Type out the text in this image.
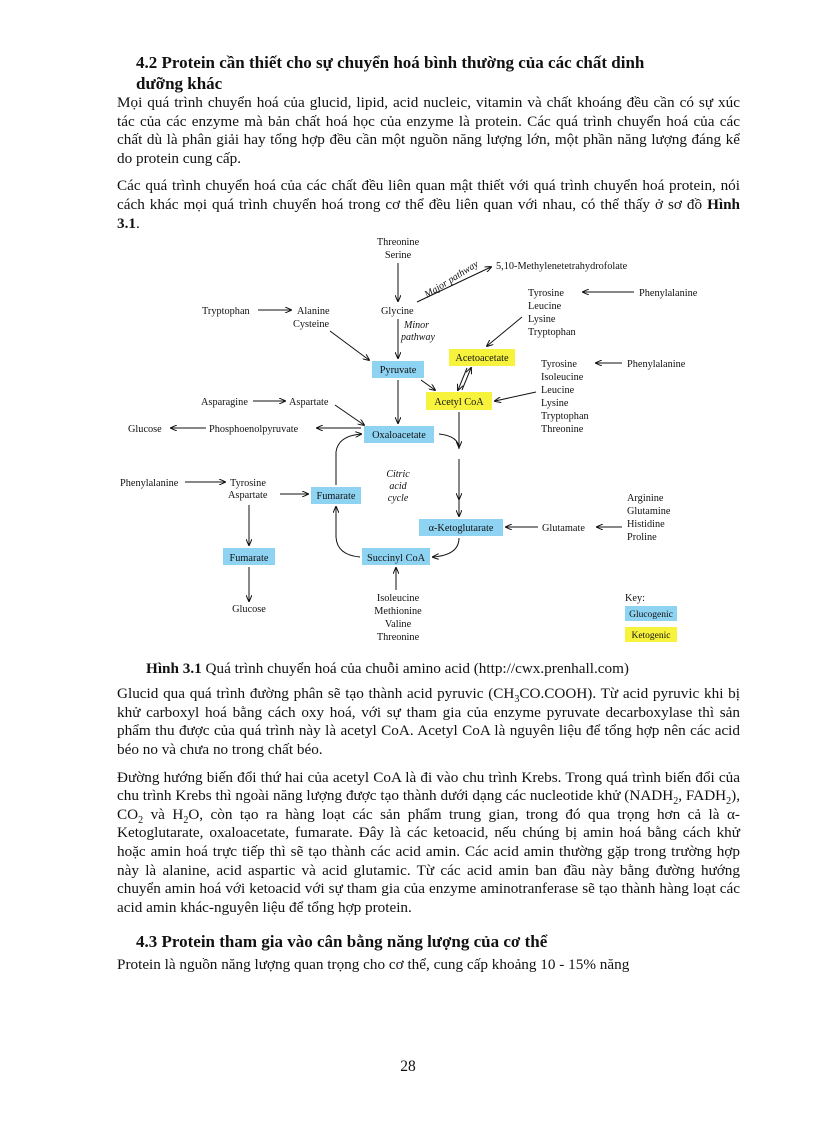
4.2 Protein cần thiết cho sự chuyển hoá bình thường của các chất dinh
dưỡng khác

Mọi quá trình chuyển hoá của glucid, lipid, acid nucleic, vitamin và chất khoáng đều cần có sự xúc tác của các enzyme mà bản chất hoá học của enzyme là protein. Các quá trình chuyển hoá của các chất dù là phân giải hay tổng hợp đều cần một nguồn năng lượng lớn, một phần năng lượng đáng kể do protein cung cấp.

Các quá trình chuyển hoá của các chất đều liên quan mật thiết với quá trình chuyển hoá protein, nói cách khác mọi quá trình chuyển hoá trong cơ thể đều liên quan với nhau, có thể thấy ở sơ đồ Hình 3.1.

Threonine
Serine
5,10-Methylenetetrahydrofolate
Major pathway
Tryptophan	Alanine
Cysteine
Glycine
Minor
pathway
Tyrosine
Leucine
Lysine
Tryptophan
Phenylalanine
Acetoacetate
Pyruvate
Tyrosine
Isoleucine
Leucine
Lysine
Tryptophan
Threonine
Phenylalanine
Asparagine	Aspartate	Acetyl CoA
Glucose	Phosphoenolpyruvate
Oxaloacetate
Phenylalanine	Tyrosine
Aspartate	Fumarate
Citric
acid
cycle	Arginine
Glutamine
Histidine
Proline
α-Ketoglutarate	Glutamate
Fumarate	Succinyl CoA
Glucose
Isoleucine
Methionine
Valine
Threonine
Key:
Glucogenic
Ketogenic

Hình 3.1 Quá trình chuyển hoá của chuỗi amino acid (http://cwx.prenhall.com)

Glucid qua quá trình đường phân sẽ tạo thành acid pyruvic $(CH_3CO.COOH)$. Từ acid pyruvic khi bị khử carboxyl hoá bằng cách oxy hoá, với sự tham gia của enzyme pyruvate decarboxylase thì sản phẩm thu được của quá trình này là acetyl CoA. Acetyl CoA là nguyên liệu để tổng hợp nên các acid béo no và chưa no trong chất béo.

Đường hướng biến đổi thứ hai của acetyl CoA là đi vào chu trình Krebs. Trong quá trình biến đổi của chu trình Krebs thì ngoài năng lượng được tạo thành dưới dạng các nucleotide khử ($NADH_2$, $FADH_2$), $CO_2$ và $H_2O$, còn tạo ra hàng loạt các sản phẩm trung gian, trong đó qua trọng hơn cả là α-Ketoglutarate, oxaloacetate, fumarate. Đây là các ketoacid, nếu chúng bị amin hoá bằng cách khử hoặc amin hoá trực tiếp thì sẽ tạo thành các acid amin. Các acid amin thường gặp trong trường hợp này là alanine, acid aspartic và acid glutamic. Từ các acid amin ban đầu này bằng đường hướng chuyển amin hoá với ketoacid với sự tham gia của enzyme aminotranferase sẽ tạo thành hàng loạt các acid amin khác-nguyên liệu để tổng hợp protein.

4.3 Protein tham gia vào cân bằng năng lượng của cơ thể

Protein là nguồn năng lượng quan trọng cho cơ thể, cung cấp khoảng 10 - 15% năng

28
